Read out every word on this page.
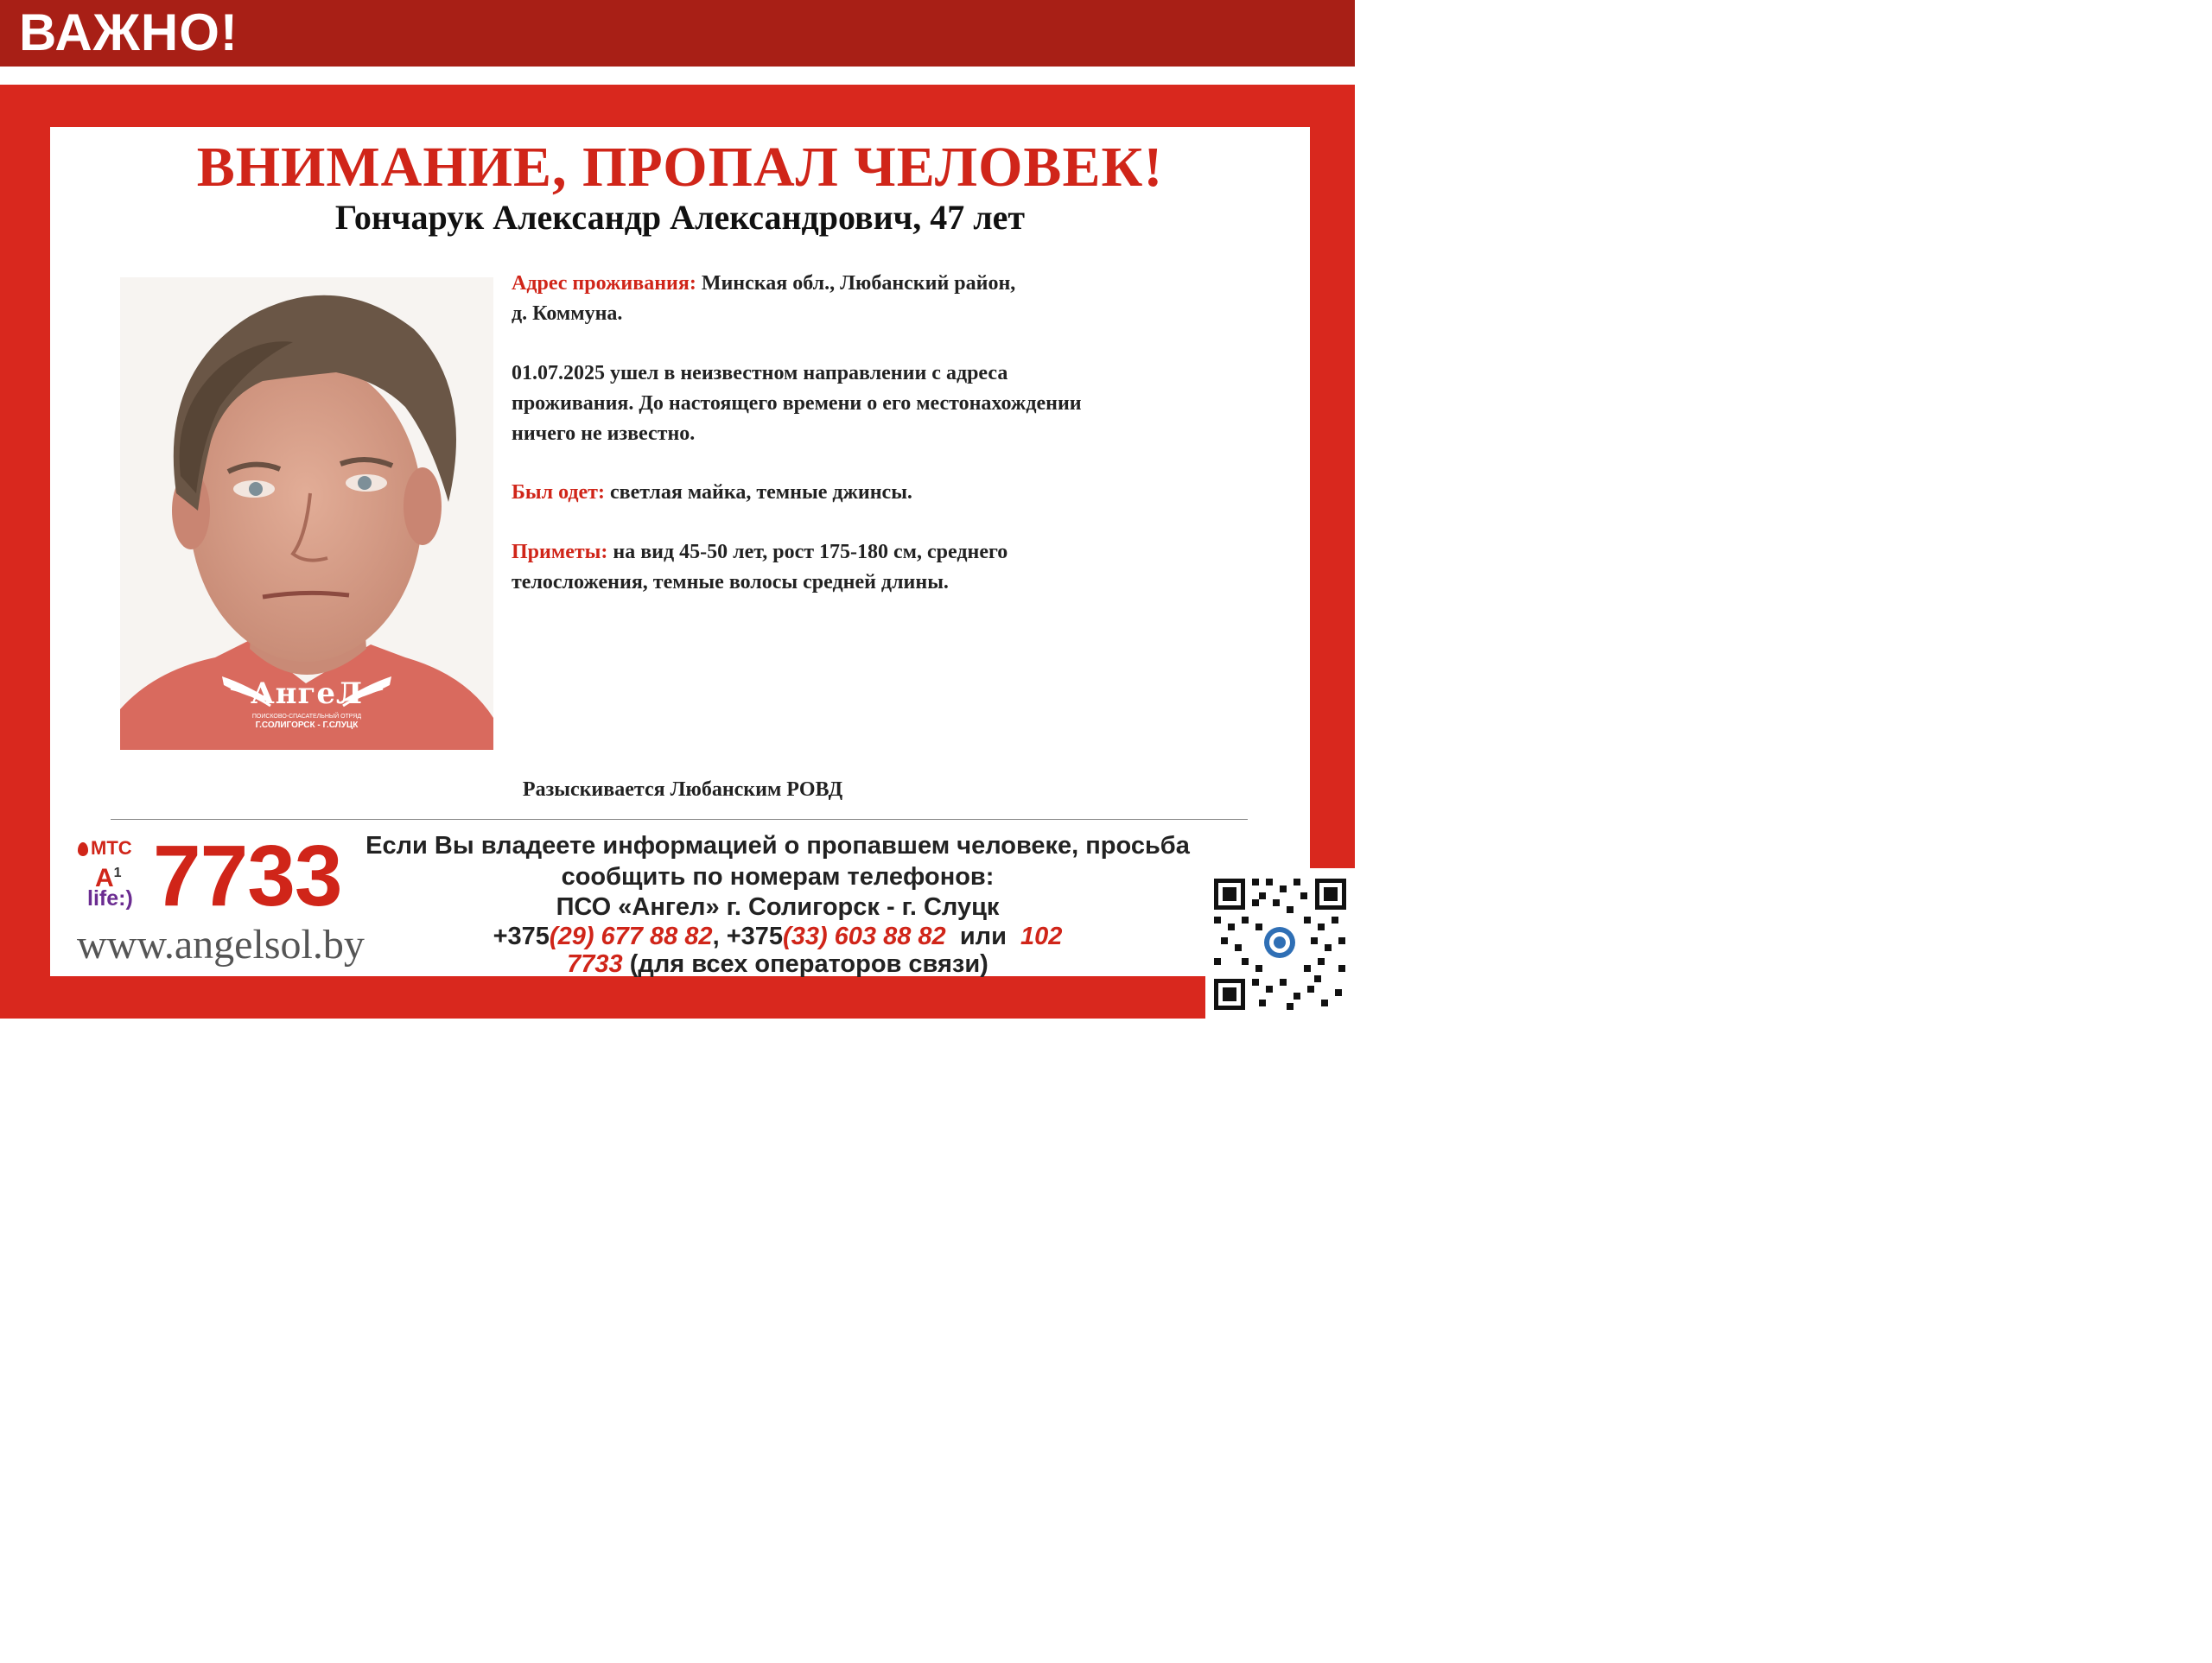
ВАЖНО!
ВНИМАНИЕ, ПРОПАЛ ЧЕЛОВЕК!
Гончарук Александр Александрович, 47 лет
АнгеЛ
ПОИСКОВО-СПАСАТЕЛЬНЫЙ ОТРЯД
Г.СОЛИГОРСК - Г.СЛУЦК
Адрес проживания: Минская обл., Любанский район,
д. Коммуна.
01.07.2025 ушел в неизвестном направлении с адреса
проживания. До настоящего времени о его местонахождении
ничего не известно.
Был одет: светлая майка, темные джинсы.
Приметы: на вид 45-50 лет, рост 175-180 см, среднего
телосложения, темные волосы средней длины.
Разыскивается Любанским РОВД
МТС
$A^1$
life:) 7733
www.angelsol.by
Если Вы владеете информацией о пропавшем человеке, просьба
сообщить по номерам телефонов:
ПСО «Ангел» г. Солигорск - г. Слуцк
+375(29) 677 88 82, +375(33) 603 88 82 или 102
7733 (для всех операторов связи)
